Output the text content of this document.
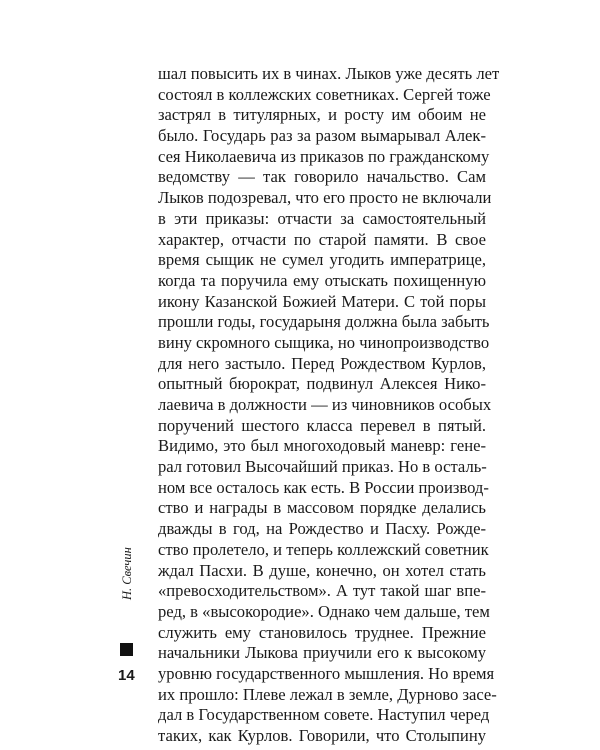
шал повысить их в чинах. Лыков уже десять лет
состоял в коллежских советниках. Сергей тоже
застрял в титулярных, и росту им обоим не
было. Государь раз за разом вымарывал Алек-
сея Николаевича из приказов по гражданскому
ведомству — так говорило начальство. Сам
Лыков подозревал, что его просто не включали
в эти приказы: отчасти за самостоятельный
характер, отчасти по старой памяти. В свое
время сыщик не сумел угодить императрице,
когда та поручила ему отыскать похищенную
икону Казанской Божией Матери. С той поры
прошли годы, государыня должна была забыть
вину скромного сыщика, но чинопроизводство
для него застыло. Перед Рождеством Курлов,
опытный бюрократ, подвинул Алексея Нико-
лаевича в должности — из чиновников особых
поручений шестого класса перевел в пятый.
Видимо, это был многоходовый маневр: гене-
рал готовил Высочайший приказ. Но в осталь-
ном все осталось как есть. В России производ-
ство и награды в массовом порядке делались
дважды в год, на Рождество и Пасху. Рожде-
ство пролетело, и теперь коллежский советник
ждал Пасхи. В душе, конечно, он хотел стать
«превосходительством». А тут такой шаг впе-
ред, в «высокородие». Однако чем дальше, тем
служить ему становилось труднее. Прежние
начальники Лыкова приучили его к высокому
уровню государственного мышления. Но время
их прошло: Плеве лежал в земле, Дурново засе-
дал в Государственном совете. Наступил черед
таких, как Курлов. Говорили, что Столыпину
Н. Свечин
14
